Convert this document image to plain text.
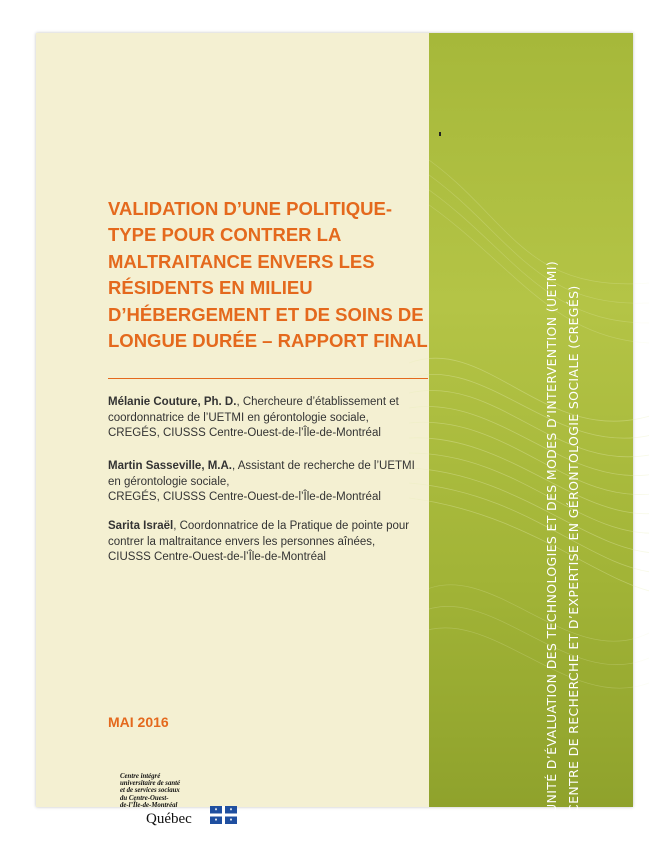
VALIDATION D’UNE POLITIQUE-
TYPE POUR CONTRER LA
MALTRAITANCE ENVERS LES
RÉSIDENTS EN MILIEU
D’HÉBERGEMENT ET DE SOINS DE
LONGUE DURÉE – RAPPORT FINAL
Mélanie Couture, Ph. D., Chercheure d’établissement et
coordonnatrice de l’UETMI en gérontologie sociale,
CREGÉS, CIUSSS Centre-Ouest-de-l’Île-de-Montréal
Martin Sasseville, M.A., Assistant de recherche de l’UETMI
en gérontologie sociale,
CREGÉS, CIUSSS Centre-Ouest-de-l’Île-de-Montréal
Sarita Israël, Coordonnatrice de la Pratique de pointe pour
contrer la maltraitance envers les personnes aînées,
CIUSSS Centre-Ouest-de-l’Île-de-Montréal
MAI 2016	UNITÉ D’ÉVALUATION DES TECHNOLOGIES ET DES MODES D’INTERVENTION (UETMI) CENTRE DE RECHERCHE ET D’EXPERTISE EN GÉRONTOLOGIE SOCIALE (CREGÉS)
Centre intégré
universitaire de santé
et de services sociaux
du Centre-Ouest-
de-l’Île-de-Montréal
Québec
